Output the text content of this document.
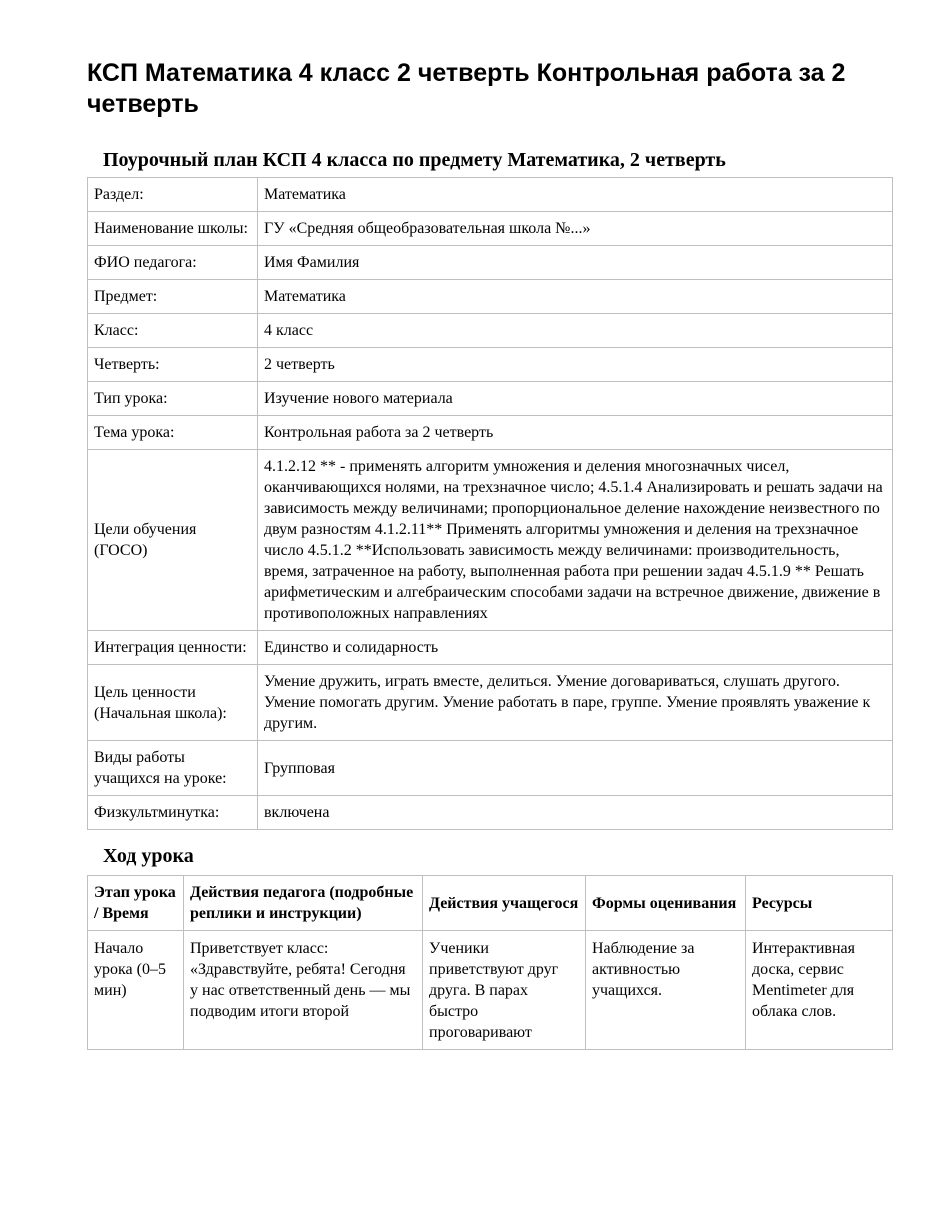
КСП Математика 4 класс 2 четверть Контрольная работа за 2 четверть
Поурочный план КСП 4 класса по предмету Математика, 2 четверть
Раздел:	Математика
Наименование школы:	ГУ «Средняя общеобразовательная школа №...»
ФИО педагога:	Имя Фамилия
Предмет:	Математика
Класс:	4 класс
Четверть:	2 четверть
Тип урока:	Изучение нового материала
Тема урока:	Контрольная работа за 2 четверть
Цели обучения (ГОСО)	4.1.2.12 ** - применять алгоритм умножения и деления многозначных чисел, оканчивающихся нолями, на трехзначное число; 4.5.1.4 Анализировать и решать задачи на зависимость между величинами; пропорциональное деление нахождение неизвестного по двум разностям 4.1.2.11** Применять алгоритмы умножения и деления на трехзначное число 4.5.1.2 **Использовать зависимость между величинами: производительность, время, затраченное на работу, выполненная работа при решении задач 4.5.1.9 ** Решать арифметическим и алгебраическим способами задачи на встречное движение, движение в противоположных направлениях
Интеграция ценности:	Единство и солидарность
Цель ценности (Начальная школа):	Умение дружить, играть вместе, делиться. Умение договариваться, слушать другого. Умение помогать другим. Умение работать в паре, группе. Умение проявлять уважение к другим.
Виды работы учащихся на уроке:	Групповая
Физкультминутка:	включена
Ход урока
Этап урока / Время	Действия педагога (подробные реплики и инструкции)	Действия учащегося	Формы оценивания	Ресурсы

Начало урока (0–5 мин)	Приветствует класс: «Здравствуйте, ребята! Сегодня у нас ответственный день — мы подводим итоги второй	Ученики приветствуют друг друга. В парах быстро проговаривают	Наблюдение за активностью учащихся.	Интерактивная доска, сервис Mentimeter для облака слов.
